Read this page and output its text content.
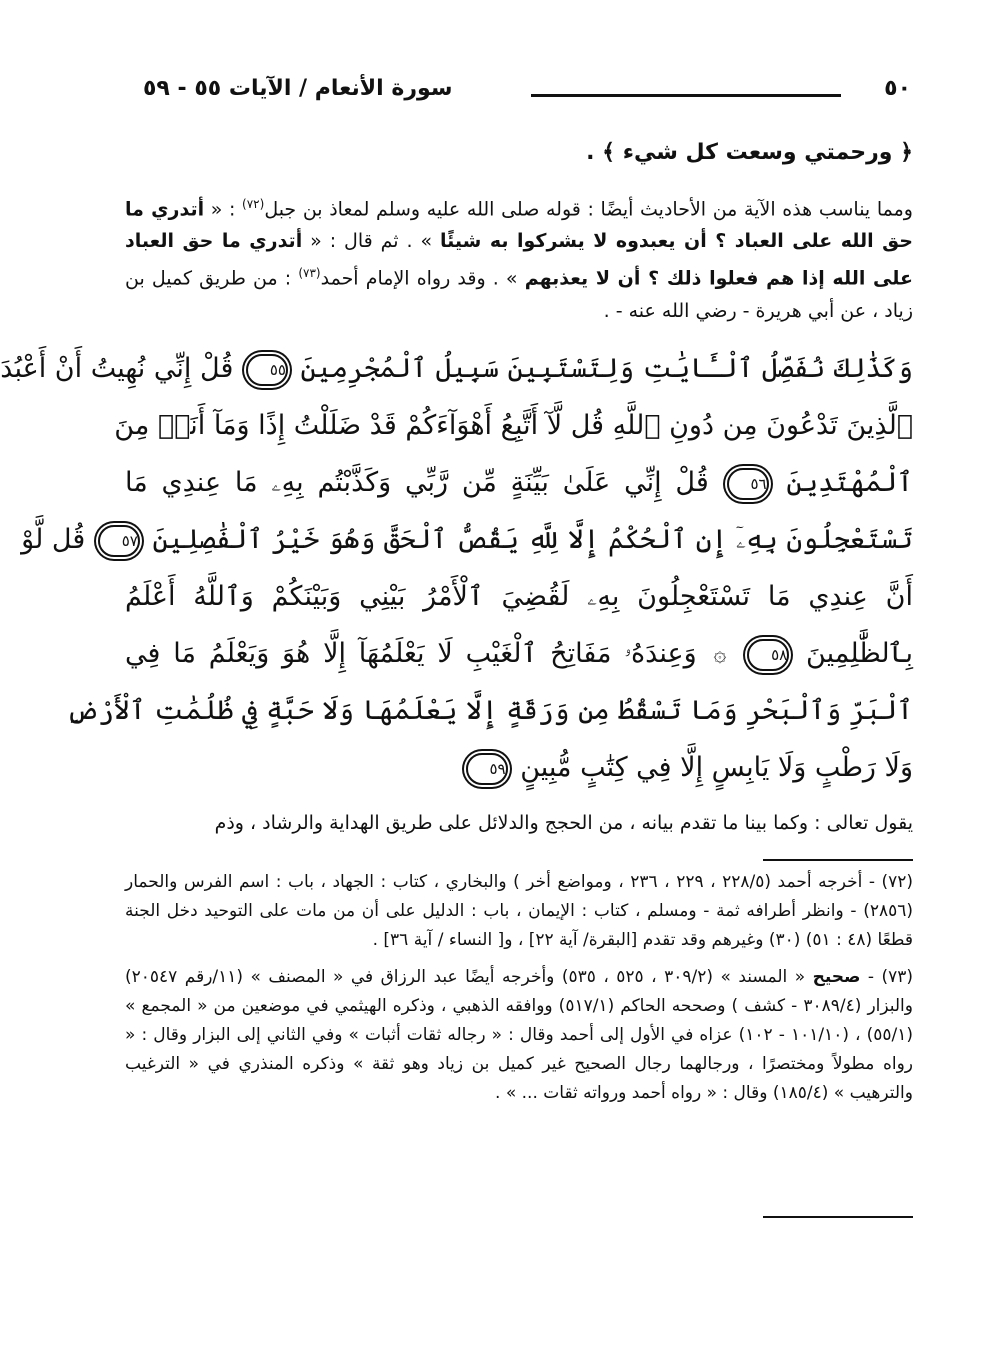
٥٠
سورة الأنعام / الآيات ٥٥ - ٥٩

﴿ ورحمتي وسعت كل شيء ﴾ .

ومما يناسب هذه الآية من الأحاديث أيضًا : قوله صلى الله عليه وسلم لمعاذ بن جبل$^{(٧٢)}$ : « أتدري ما حق الله على العباد ؟ أن يعبدوه لا يشركوا به شيئًا » . ثم قال : « أتدري ما حق العباد على الله إذا هم فعلوا ذلك ؟ أن لا يعذبهم » . وقد رواه الإمام أحمد$^{(٧٣)}$ : من طريق كميل بن زياد ، عن أبي هريرة - رضي الله عنه - .

وَكَذَٰلِكَ نُفَصِّلُ ٱلْـَٔايَٰتِ وَلِتَسْتَبِينَ سَبِيلُ ٱلْمُجْرِمِينَ ٥٥ قُلْ إِنِّي نُهِيتُ أَنْ أَعْبُدَ
ٱلَّذِينَ تَدْعُونَ مِن دُونِ ٱللَّهِ قُل لَّآ أَتَّبِعُ أَهْوَآءَكُمْ قَدْ ضَلَلْتُ إِذًا وَمَآ أَنَا۠ مِنَ
ٱلْمُهْتَدِينَ ٥٦ قُلْ إِنِّي عَلَىٰ بَيِّنَةٍ مِّن رَّبِّي وَكَذَّبْتُم بِهِۦ مَا عِندِي مَا
تَسْتَعْجِلُونَ بِهِۦٓ إِنِ ٱلْحُكْمُ إِلَّا لِلَّهِ يَقُصُّ ٱلْحَقَّ وَهُوَ خَيْرُ ٱلْفَٰصِلِينَ ٥٧ قُل لَّوْ
أَنَّ عِندِي مَا تَسْتَعْجِلُونَ بِهِۦ لَقُضِيَ ٱلْأَمْرُ بَيْنِي وَبَيْنَكُمْ وَٱللَّهُ أَعْلَمُ
بِٱلظَّٰلِمِينَ ٥٨ ۞ وَعِندَهُۥ مَفَاتِحُ ٱلْغَيْبِ لَا يَعْلَمُهَآ إِلَّا هُوَ وَيَعْلَمُ مَا فِي
ٱلْبَرِّ وَٱلْبَحْرِ وَمَا تَسْقُطُ مِن وَرَقَةٍ إِلَّا يَعْلَمُهَا وَلَا حَبَّةٍ فِي ظُلُمَٰتِ ٱلْأَرْضِ
وَلَا رَطْبٍ وَلَا يَابِسٍ إِلَّا فِي كِتَٰبٍ مُّبِينٍ ٥٩
يقول تعالى : وكما بينا ما تقدم بيانه ، من الحجج والدلائل على طريق الهداية والرشاد ، وذم

(٧٢) - أخرجه أحمد (٢٢٨/٥ ، ٢٢٩ ، ٢٣٦ ، ومواضع أخر ) والبخاري ، كتاب : الجهاد ، باب : اسم الفرس والحمار (٢٨٥٦) - وانظر أطرافه ثمة - ومسلم ، كتاب : الإيمان ، باب : الدليل على أن من مات على التوحيد دخل الجنة قطعًا (٤٨ : ٥١) (٣٠) وغيرهم وقد تقدم [البقرة/ آية ٢٢] ، و[ النساء / آية ٣٦] .

(٧٣) - صحيح « المسند » (٣٠٩/٢ ، ٥٢٥ ، ٥٣٥) وأخرجه أيضًا عبد الرزاق في « المصنف » (١١/رقم ٢٠٥٤٧) والبزار (٣٠٨٩/٤ - كشف ) وصححه الحاكم (٥١٧/١) ووافقه الذهبي ، وذكره الهيثمي في موضعين من « المجمع » (٥٥/١) ، (١٠١/١٠ - ١٠٢) عزاه في الأول إلى أحمد وقال : « رجاله ثقات أثبات » وفي الثاني إلى البزار وقال : « رواه مطولاً ومختصرًا ، ورجالهما رجال الصحيح غير كميل بن زياد وهو ثقة » وذكره المنذري في « الترغيب والترهيب » (١٨٥/٤) وقال : « رواه أحمد ورواته ثقات ... » .
